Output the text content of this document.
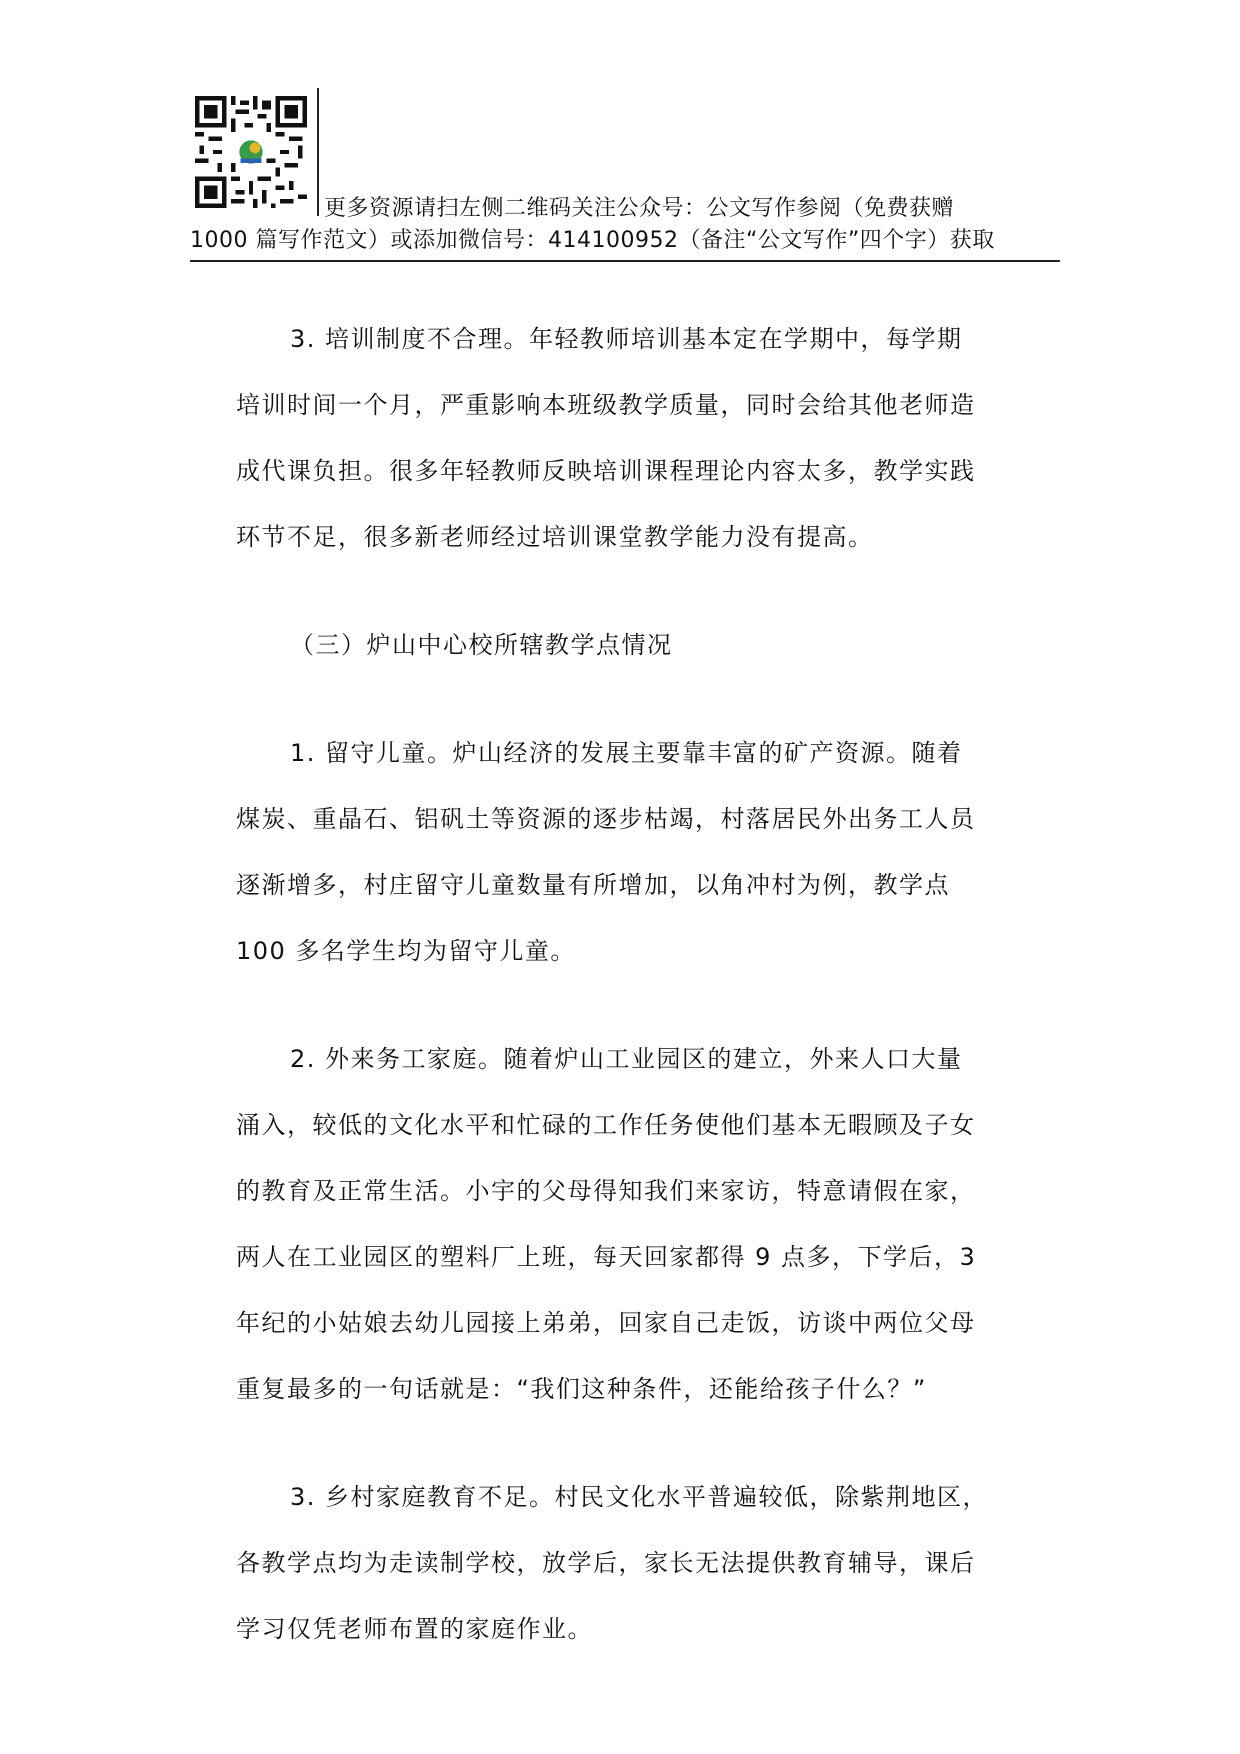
更多资源请扫左侧二维码关注公众号：公文写作参阅（免费获赠
1000 篇写作范文）或添加微信号：414100952（备注“公文写作”四个字）获取

3. 培训制度不合理。年轻教师培训基本定在学期中，每学期
培训时间一个月，严重影响本班级教学质量，同时会给其他老师造
成代课负担。很多年轻教师反映培训课程理论内容太多，教学实践
环节不足，很多新老师经过培训课堂教学能力没有提高。

（三）炉山中心校所辖教学点情况

1. 留守儿童。炉山经济的发展主要靠丰富的矿产资源。随着
煤炭、重晶石、铝矾土等资源的逐步枯竭，村落居民外出务工人员
逐渐增多，村庄留守儿童数量有所增加，以角冲村为例，教学点
100 多名学生均为留守儿童。

2. 外来务工家庭。随着炉山工业园区的建立，外来人口大量
涌入，较低的文化水平和忙碌的工作任务使他们基本无暇顾及子女
的教育及正常生活。小宇的父母得知我们来家访，特意请假在家，
两人在工业园区的塑料厂上班，每天回家都得 9 点多，下学后，3
年纪的小姑娘去幼儿园接上弟弟，回家自己走饭，访谈中两位父母
重复最多的一句话就是：“我们这种条件，还能给孩子什么？”

3. 乡村家庭教育不足。村民文化水平普遍较低，除紫荆地区，
各教学点均为走读制学校，放学后，家长无法提供教育辅导，课后
学习仅凭老师布置的家庭作业。
